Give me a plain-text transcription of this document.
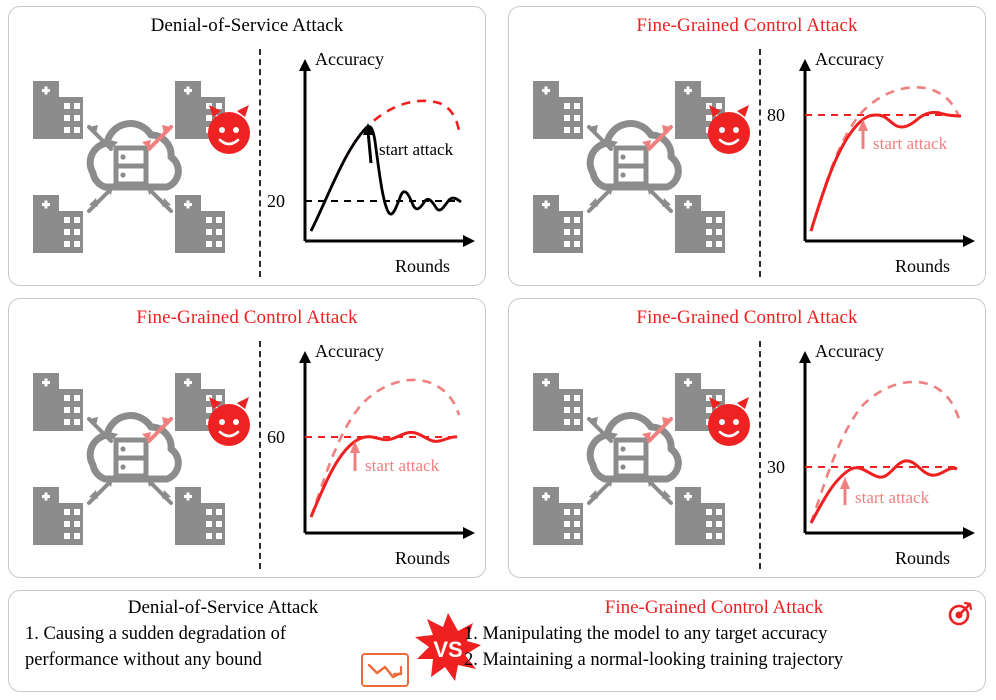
Denial-of-Service Attack
Accuracy
Rounds
20
start attack
Fine-Grained Control Attack
Accuracy
Rounds
80
start attack
Fine-Grained Control Attack
Accuracy
Rounds
60
start attack
Fine-Grained Control Attack
Accuracy
Rounds
30
start attack
Denial-of-Service Attack
1. Causing a sudden degradation of
performance without any bound	VS
Fine-Grained Control Attack
1. Manipulating the model to any target accuracy
2. Maintaining a normal-looking training trajectory
